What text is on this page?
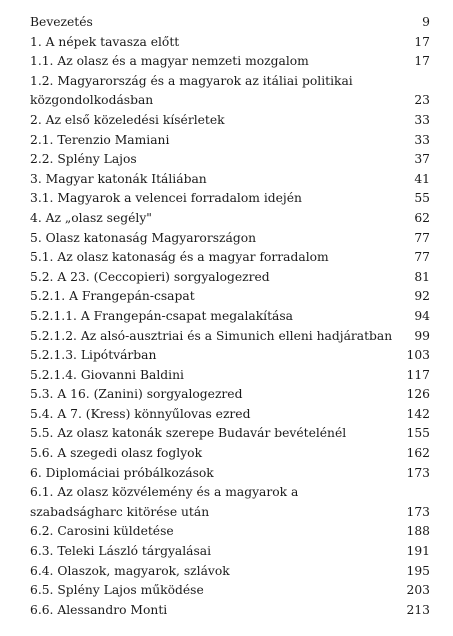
Bevezetés	9
1. A népek tavasza előtt	17
1.1. Az olasz és a magyar nemzeti mozgalom	17
1.2. Magyarország és a magyarok az itáliai politikai
közgondolkodásban	23
2. Az első közeledési kísérletek	33
2.1. Terenzio Mamiani	33
2.2. Splény Lajos	37
3. Magyar katonák Itáliában	41
3.1. Magyarok a velencei forradalom idején	55
4. Az „olasz segély"	62
5. Olasz katonaság Magyarországon	77
5.1. Az olasz katonaság és a magyar forradalom	77
5.2. A 23. (Ceccopieri) sorgyalogezred	81
5.2.1. A Frangepán-csapat	92
5.2.1.1. A Frangepán-csapat megalakítása	94
5.2.1.2. Az alsó-ausztriai és a Simunich elleni hadjáratban	99
5.2.1.3. Lipótvárban	103
5.2.1.4. Giovanni Baldini	117
5.3. A 16. (Zanini) sorgyalogezred	126
5.4. A 7. (Kress) könnyűlovas ezred	142
5.5. Az olasz katonák szerepe Budavár bevételénél	155
5.6. A szegedi olasz foglyok	162
6. Diplomáciai próbálkozások	173
6.1. Az olasz közvélemény és a magyarok a
szabadságharc kitörése után	173
6.2. Carosini küldetése	188
6.3. Teleki László tárgyalásai	191
6.4. Olaszok, magyarok, szlávok	195
6.5. Splény Lajos működése	203
6.6. Alessandro Monti	213
